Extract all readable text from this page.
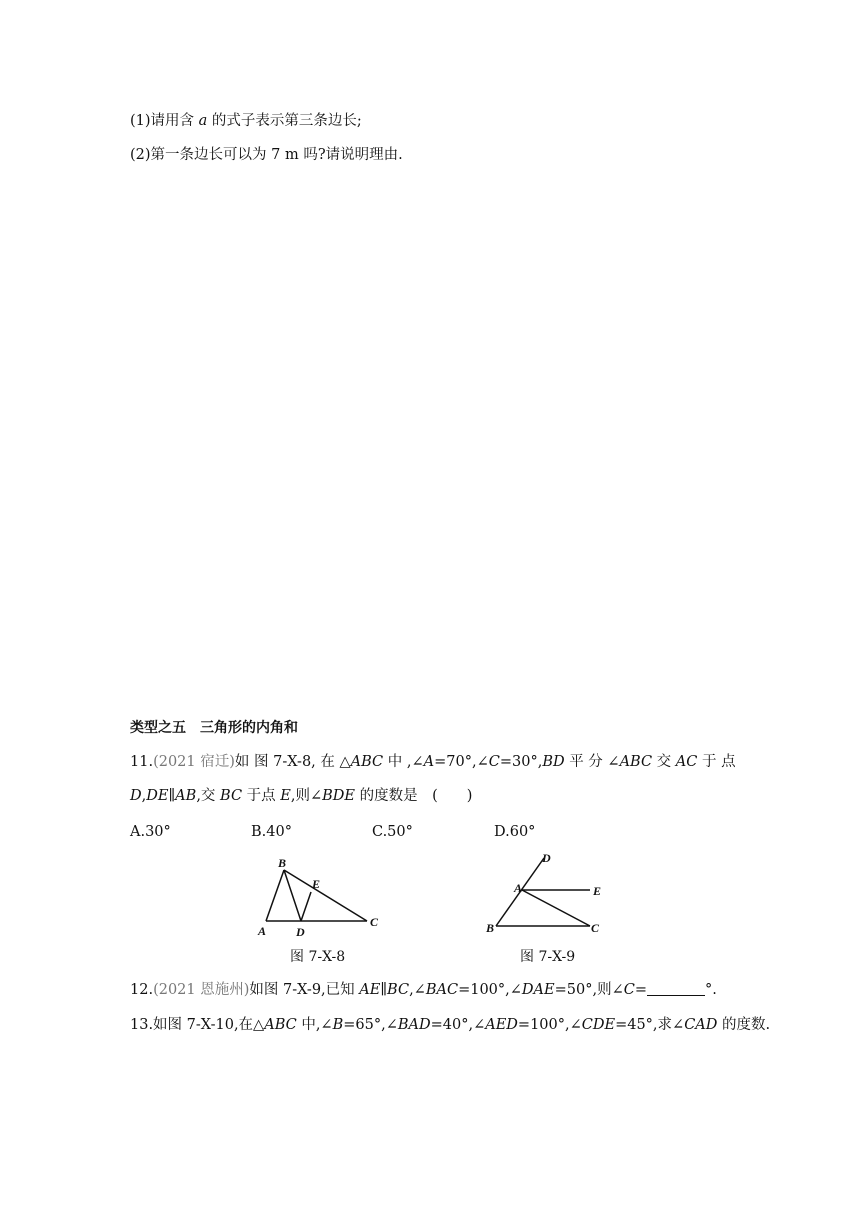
(1)请用含 a 的式子表示第三条边长;
(2)第一条边长可以为 7 m 吗?请说明理由.
类型之五　三角形的内角和
11.(2021 宿迁)如 图 7-X-8, 在 △ABC 中 ,∠A=70°,∠C=30°,BD 平 分 ∠ABC 交 AC 于 点
D,DE∥AB,交 BC 于点 E,则∠BDE 的度数是　(　　)
A.30°	B.40°	C.50°	D.60°
A
B
C
D
E
图 7-X-8
B	C
A
D
E
图 7-X-9
12.(2021 恩施州)如图 7-X-9,已知 AE∥BC,∠BAC=100°,∠DAE=50°,则∠C=	°.
13.如图 7-X-10,在△ABC 中,∠B=65°,∠BAD=40°,∠AED=100°,∠CDE=45°,求∠CAD 的度数.
